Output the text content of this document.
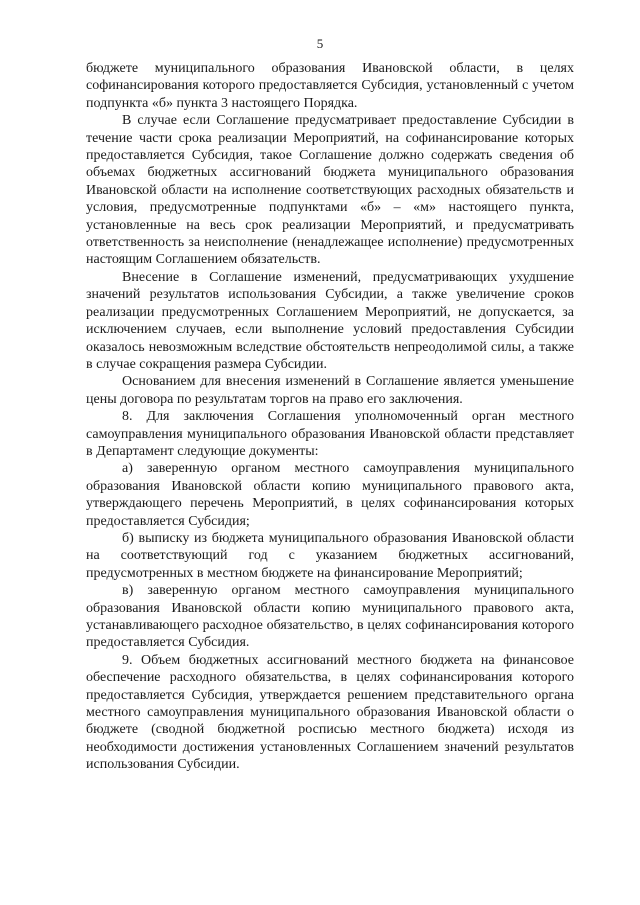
5

бюджете муниципального образования Ивановской области, в целях софинансирования которого предоставляется Субсидия, установленный с учетом подпункта «б» пункта 3 настоящего Порядка.

В случае если Соглашение предусматривает предоставление Субсидии в течение части срока реализации Мероприятий, на софинансирование которых предоставляется Субсидия, такое Соглашение должно содержать сведения об объемах бюджетных ассигнований бюджета муниципального образования Ивановской области на исполнение соответствующих расходных обязательств и условия, предусмотренные подпунктами «б» – «м» настоящего пункта, установленные на весь срок реализации Мероприятий, и предусматривать ответственность за неисполнение (ненадлежащее исполнение) предусмотренных настоящим Соглашением обязательств.

Внесение в Соглашение изменений, предусматривающих ухудшение значений результатов использования Субсидии, а также увеличение сроков реализации предусмотренных Соглашением Мероприятий, не допускается, за исключением случаев, если выполнение условий предоставления Субсидии оказалось невозможным вследствие обстоятельств непреодолимой силы, а также в случае сокращения размера Субсидии.

Основанием для внесения изменений в Соглашение является уменьшение цены договора по результатам торгов на право его заключения.

8. Для заключения Соглашения уполномоченный орган местного самоуправления муниципального образования Ивановской области представляет в Департамент следующие документы:

а) заверенную органом местного самоуправления муниципального образования Ивановской области копию муниципального правового акта, утверждающего перечень Мероприятий, в целях софинансирования которых предоставляется Субсидия;

б) выписку из бюджета муниципального образования Ивановской области на соответствующий год с указанием бюджетных ассигнований, предусмотренных в местном бюджете на финансирование Мероприятий;

в) заверенную органом местного самоуправления муниципального образования Ивановской области копию муниципального правового акта, устанавливающего расходное обязательство, в целях софинансирования которого предоставляется Субсидия.

9. Объем бюджетных ассигнований местного бюджета на финансовое обеспечение расходного обязательства, в целях софинансирования которого предоставляется Субсидия, утверждается решением представительного органа местного самоуправления муниципального образования Ивановской области о бюджете (сводной бюджетной росписью местного бюджета) исходя из необходимости достижения установленных Соглашением значений результатов использования Субсидии.
